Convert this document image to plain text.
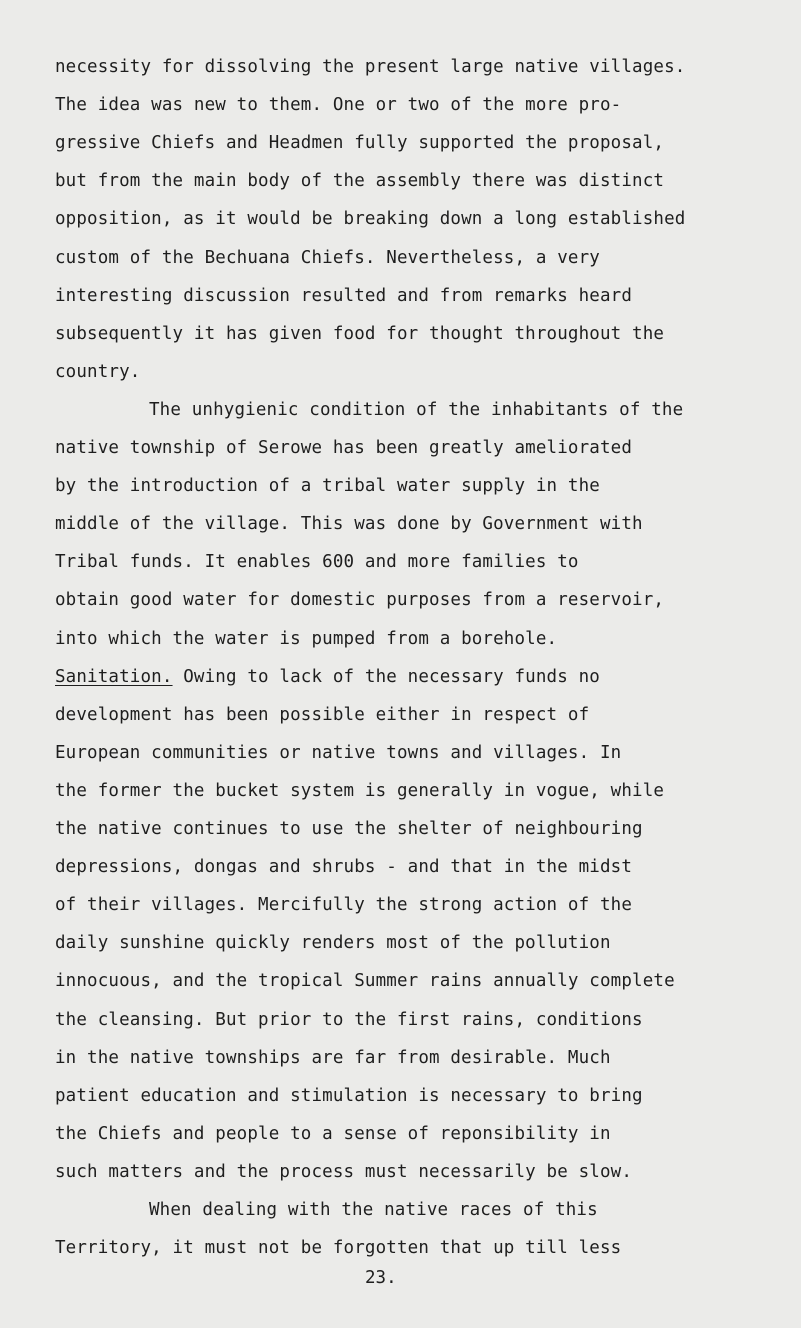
necessity for dissolving the present large native villages.
The idea was new to them. One or two of the more pro-
gressive Chiefs and Headmen fully supported the proposal,
but from the main body of the assembly there was distinct
opposition, as it would be breaking down a long established
custom of the Bechuana Chiefs. Nevertheless, a very
interesting discussion resulted and from remarks heard
subsequently it has given food for thought throughout the
country.
The unhygienic condition of the inhabitants of the
native township of Serowe has been greatly ameliorated
by the introduction of a tribal water supply in the
middle of the village. This was done by Government with
Tribal funds. It enables 600 and more families to
obtain good water for domestic purposes from a reservoir,
into which the water is pumped from a borehole.
Sanitation. Owing to lack of the necessary funds no
development has been possible either in respect of
European communities or native towns and villages. In
the former the bucket system is generally in vogue, while
the native continues to use the shelter of neighbouring
depressions, dongas and shrubs - and that in the midst
of their villages. Mercifully the strong action of the
daily sunshine quickly renders most of the pollution
innocuous, and the tropical Summer rains annually complete
the cleansing. But prior to the first rains, conditions
in the native townships are far from desirable. Much
patient education and stimulation is necessary to bring
the Chiefs and people to a sense of reponsibility in
such matters and the process must necessarily be slow.
When dealing with the native races of this
Territory, it must not be forgotten that up till less
23.
